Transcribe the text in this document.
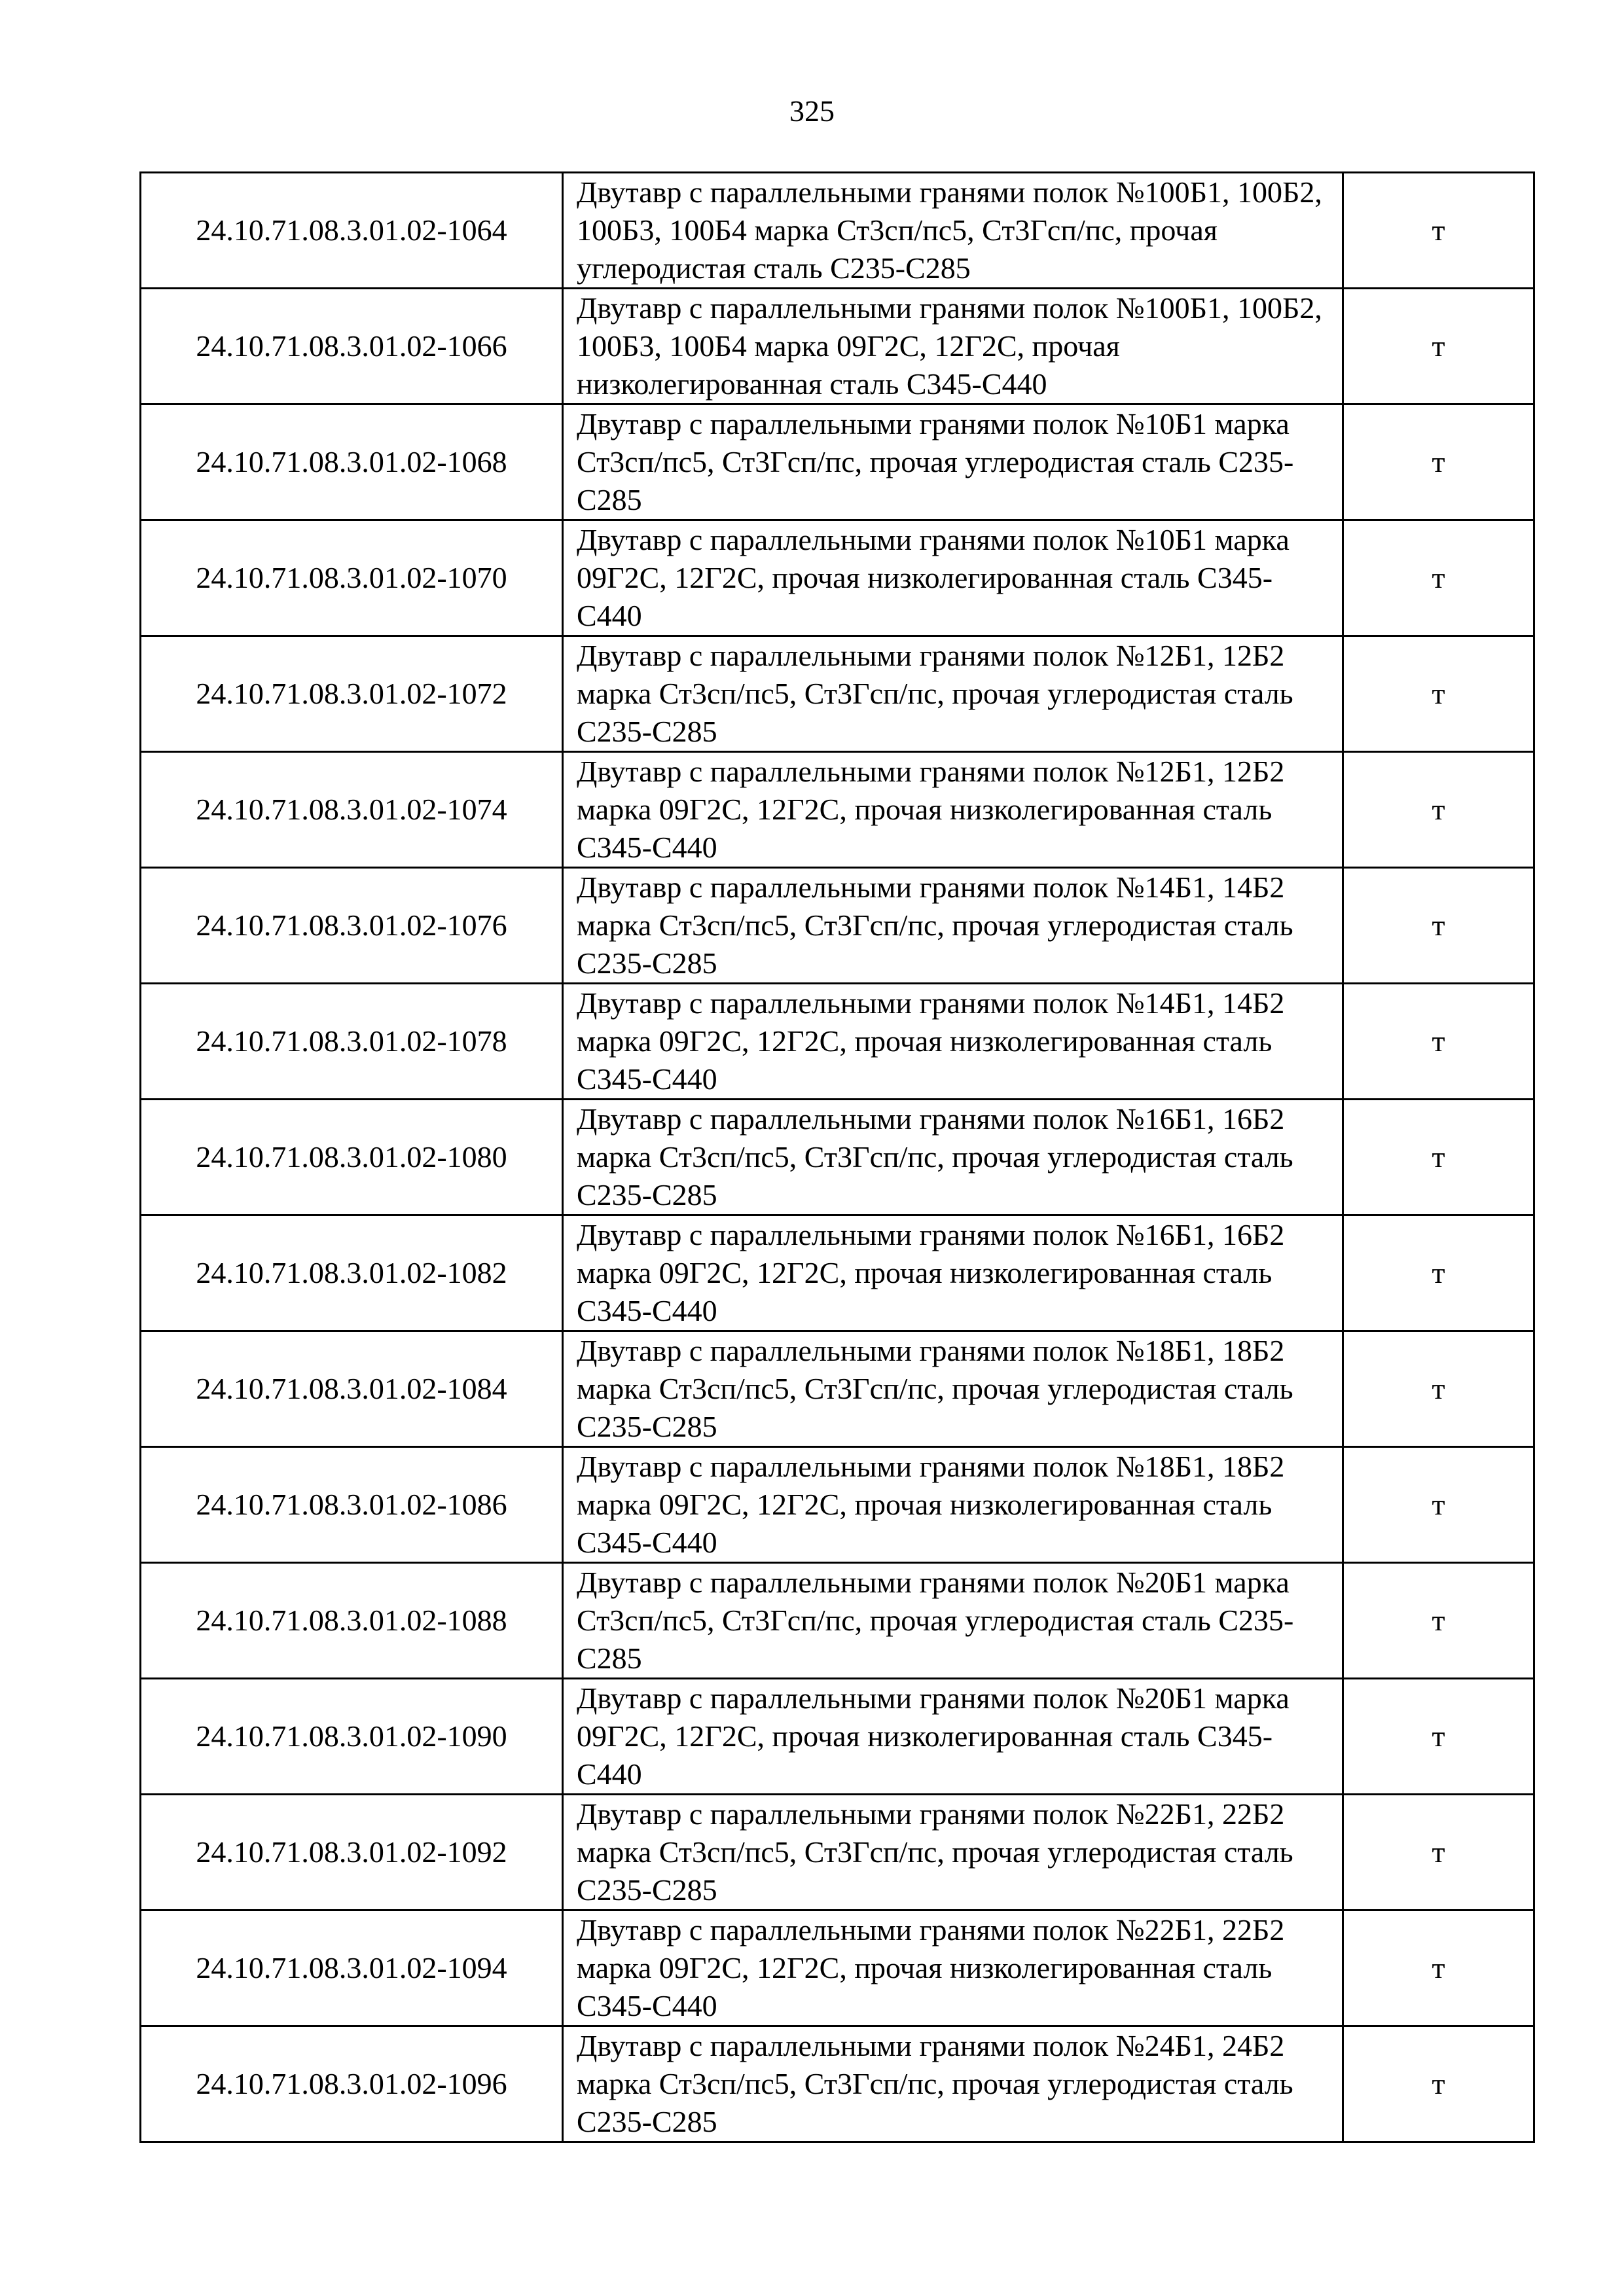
325
24.10.71.08.3.01.02-1064	Двутавр с параллельными гранями полок №100Б1, 100Б2, 100Б3, 100Б4 марка Ст3сп/пс5, Ст3Гсп/пс, прочая углеродистая сталь С235-С285	т
24.10.71.08.3.01.02-1066	Двутавр с параллельными гранями полок №100Б1, 100Б2, 100Б3, 100Б4 марка 09Г2С, 12Г2С, прочая низколегированная сталь С345-С440	т
24.10.71.08.3.01.02-1068	Двутавр с параллельными гранями полок №10Б1 марка Ст3сп/пс5, Ст3Гсп/пс, прочая углеродистая сталь С235-С285	т
24.10.71.08.3.01.02-1070	Двутавр с параллельными гранями полок №10Б1 марка 09Г2С, 12Г2С, прочая низколегированная сталь С345-С440	т
24.10.71.08.3.01.02-1072	Двутавр с параллельными гранями полок №12Б1, 12Б2 марка Ст3сп/пс5, Ст3Гсп/пс, прочая углеродистая сталь С235-С285	т
24.10.71.08.3.01.02-1074	Двутавр с параллельными гранями полок №12Б1, 12Б2 марка 09Г2С, 12Г2С, прочая низколегированная сталь С345-С440	т
24.10.71.08.3.01.02-1076	Двутавр с параллельными гранями полок №14Б1, 14Б2 марка Ст3сп/пс5, Ст3Гсп/пс, прочая углеродистая сталь С235-С285	т
24.10.71.08.3.01.02-1078	Двутавр с параллельными гранями полок №14Б1, 14Б2 марка 09Г2С, 12Г2С, прочая низколегированная сталь С345-С440	т
24.10.71.08.3.01.02-1080	Двутавр с параллельными гранями полок №16Б1, 16Б2 марка Ст3сп/пс5, Ст3Гсп/пс, прочая углеродистая сталь С235-С285	т
24.10.71.08.3.01.02-1082	Двутавр с параллельными гранями полок №16Б1, 16Б2 марка 09Г2С, 12Г2С, прочая низколегированная сталь С345-С440	т
24.10.71.08.3.01.02-1084	Двутавр с параллельными гранями полок №18Б1, 18Б2 марка Ст3сп/пс5, Ст3Гсп/пс, прочая углеродистая сталь С235-С285	т
24.10.71.08.3.01.02-1086	Двутавр с параллельными гранями полок №18Б1, 18Б2 марка 09Г2С, 12Г2С, прочая низколегированная сталь С345-С440	т
24.10.71.08.3.01.02-1088	Двутавр с параллельными гранями полок №20Б1 марка Ст3сп/пс5, Ст3Гсп/пс, прочая углеродистая сталь С235-С285	т
24.10.71.08.3.01.02-1090	Двутавр с параллельными гранями полок №20Б1 марка 09Г2С, 12Г2С, прочая низколегированная сталь С345-С440	т
24.10.71.08.3.01.02-1092	Двутавр с параллельными гранями полок №22Б1, 22Б2 марка Ст3сп/пс5, Ст3Гсп/пс, прочая углеродистая сталь С235-С285	т
24.10.71.08.3.01.02-1094	Двутавр с параллельными гранями полок №22Б1, 22Б2 марка 09Г2С, 12Г2С, прочая низколегированная сталь С345-С440	т
24.10.71.08.3.01.02-1096	Двутавр с параллельными гранями полок №24Б1, 24Б2 марка Ст3сп/пс5, Ст3Гсп/пс, прочая углеродистая сталь С235-С285	т
